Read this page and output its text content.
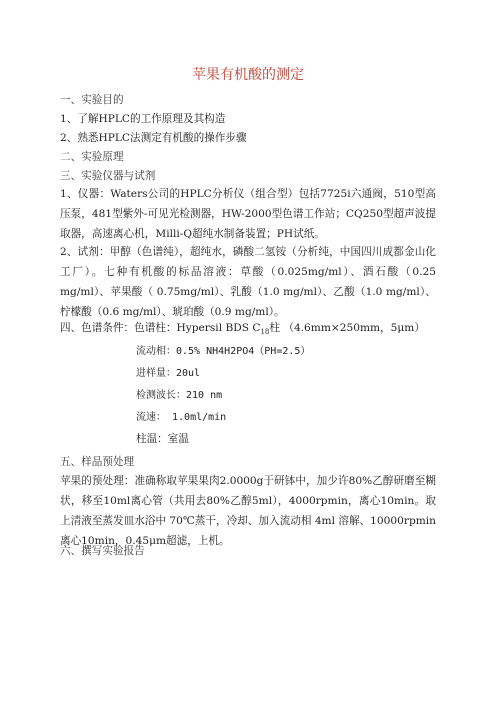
苹果有机酸的测定
一、实验目的
1、了解HPLC的工作原理及其构造
2、熟悉HPLC法测定有机酸的操作步骤
二、实验原理
三、实验仪器与试剂
1、仪器：Waters公司的HPLC分析仪（组合型）包括7725i六通阀，510型高压泵，481型紫外-可见光检测器，HW-2000型色谱工作站；CQ250型超声波提取器，高速离心机，Milli-Q超纯水制备装置；PH试纸。
2、试剂：甲醇（色谱纯），超纯水，磷酸二氢铵（分析纯，中国四川成都金山化工厂）。七种有机酸的标品溶液：草酸（0.025mg/ml）、酒石酸（0.25 mg/ml）、苹果酸（ 0.75mg/ml）、乳酸（1.0 mg/ml）、乙酸（1.0 mg/ml）、柠檬酸（0.6 mg/ml）、琥珀酸（0.9 mg/ml）。
四、色谱条件：色谱柱：Hypersil BDS $C_{18}$柱 （4.6mm×250mm，5μm）
流动相：0.5% NH4H2PO4（PH=2.5）
进样量：20ul
检测波长：210 nm
流速： 1.0ml/min
柱温：室温
五、样品预处理
苹果的预处理：准确称取苹果果肉2.0000g于研钵中，加少许80%乙醇研磨至糊状，移至10ml离心管（共用去80%乙醇5ml），4000rpmin，离心10min。取上清液至蒸发皿水浴中 70℃蒸干，冷却、加入流动相 4ml 溶解、10000rpmin 离心10min，0.45μm超滤，上机。
六、撰写实验报告
